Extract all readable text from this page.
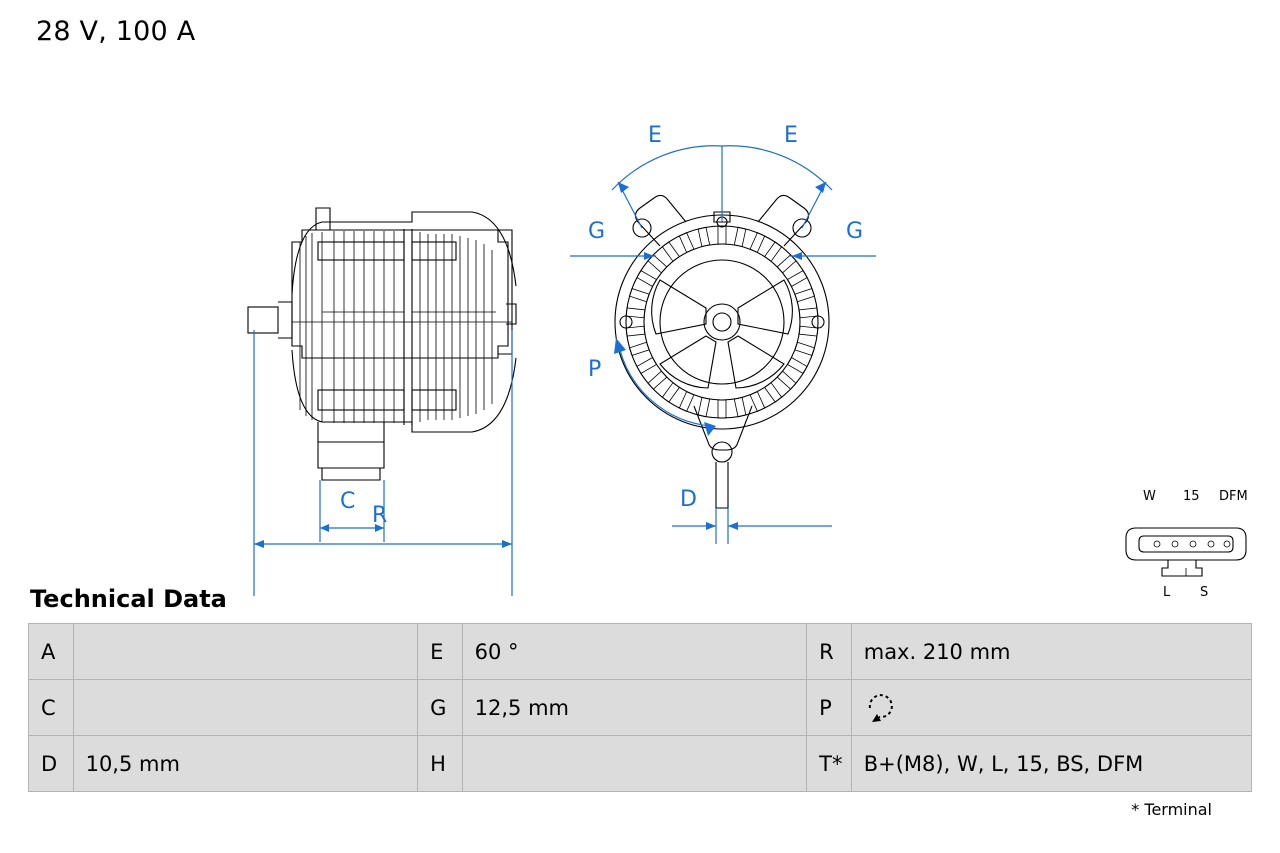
28 V, 100 A
C
R
E	E
G	G
P
D	W 15 DFM
L S
Technical Data
A		E	60 °	R	max. 210 mm
C		G	12,5 mm	P	
D	10,5 mm	H		T*	B+(M8), W, L, 15, BS, DFM
* Terminal
